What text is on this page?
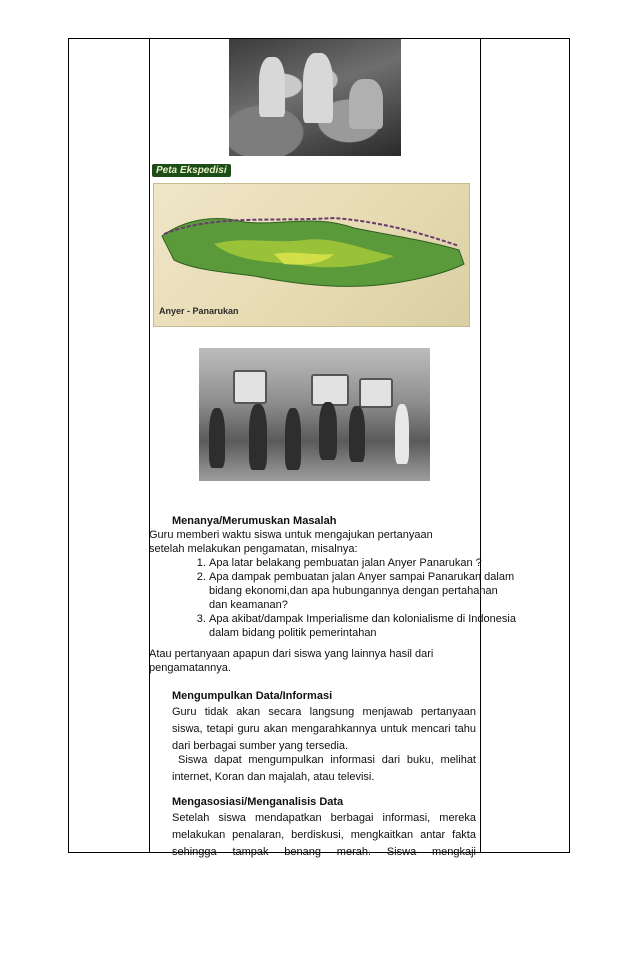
Peta Ekspedisi
Anyer - Panarukan
Menanya/Merumuskan Masalah
Guru memberi waktu siswa untuk mengajukan pertanyaan
setelah melakukan pengamatan, misalnya:
1. Apa latar belakang pembuatan jalan Anyer Panarukan ?
2. Apa dampak pembuatan jalan Anyer sampai Panarukan dalam bidang ekonomi,dan apa hubungannya dengan pertahanan dan keamanan?
3. Apa akibat/dampak Imperialisme dan kolonialisme di Indonesia dalam bidang politik pemerintahan
Atau pertanyaan apapun dari siswa yang lainnya hasil dari
pengamatannya.
Mengumpulkan Data/Informasi
Guru tidak akan secara langsung menjawab pertanyaan siswa, tetapi guru akan mengarahkannya untuk mencari tahu dari berbagai sumber yang tersedia.
Siswa dapat mengumpulkan informasi dari buku, melihat internet, Koran dan majalah, atau televisi.
Mengasosiasi/Menganalisis Data
Setelah siswa mendapatkan berbagai informasi, mereka melakukan penalaran, berdiskusi, mengkaitkan antar fakta sehingga tampak benang merah. Siswa mengkaji
